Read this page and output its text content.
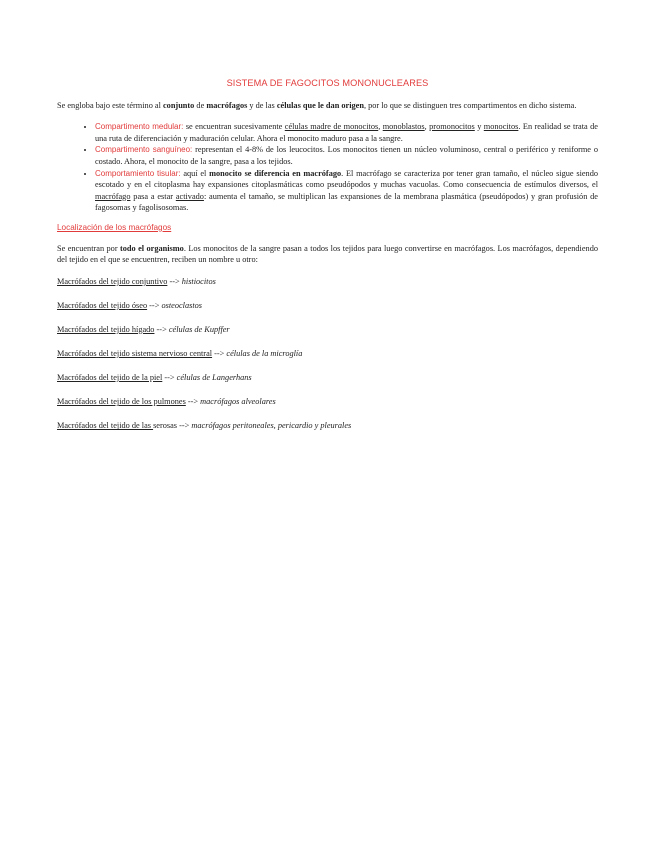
SISTEMA DE FAGOCITOS MONONUCLEARES

Se engloba bajo este término al conjunto de macrófagos y de las células que le dan origen, por lo que se distinguen tres compartimentos en dicho sistema.

• Compartimento medular: se encuentran sucesivamente células madre de monocitos, monoblastos, promonocitos y monocitos. En realidad se trata de una ruta de diferenciación y maduración celular. Ahora el monocito maduro pasa a la sangre.
• Compartimento sanguíneo: representan el 4-8% de los leucocitos. Los monocitos tienen un núcleo voluminoso, central o periférico y reniforme o costado. Ahora, el monocito de la sangre, pasa a los tejidos.
• Comportamiento tisular: aquí el monocito se diferencia en macrófago. El macrófago se caracteriza por tener gran tamaño, el núcleo sigue siendo escotado y en el citoplasma hay expansiones citoplasmáticas como pseudópodos y muchas vacuolas. Como consecuencia de estímulos diversos, el macrófago pasa a estar activado: aumenta el tamaño, se multiplican las expansiones de la membrana plasmática (pseudópodos) y gran profusión de fagosomas y fagolisosomas.
Localización de los macrófagos

Se encuentran por todo el organismo. Los monocitos de la sangre pasan a todos los tejidos para luego convertirse en macrófagos. Los macrófagos, dependiendo del tejido en el que se encuentren, reciben un nombre u otro:

Macrófados del tejido conjuntivo --> histiocitos
Macrófados del tejido óseo --> osteoclastos
Macrófados del tejido hígado --> células de Kupffer
Macrófados del tejido sistema nervioso central --> células de la microglía
Macrófados del tejido de la piel --> células de Langerhans
Macrófados del tejido de los pulmones --> macrófagos alveolares
Macrófados del tejido de las serosas --> macrófagos peritoneales, pericardio y pleurales
